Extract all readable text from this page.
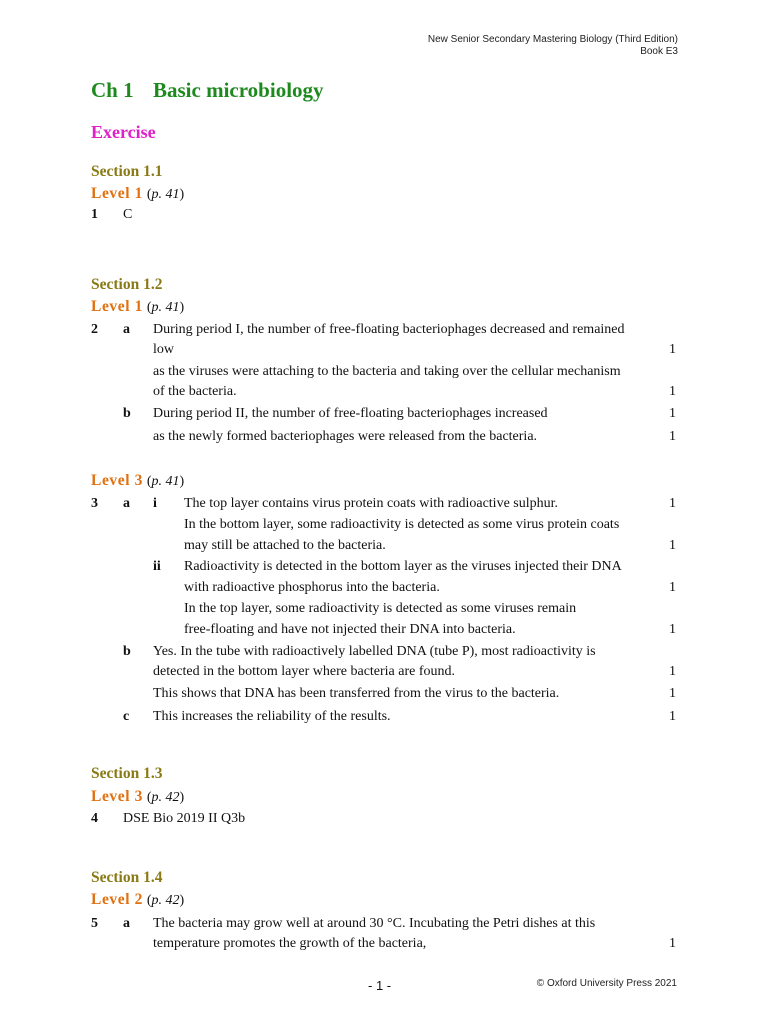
New Senior Secondary Mastering Biology (Third Edition)
Book E3
Ch 1 Basic microbiology
Exercise
Section 1.1
Level 1 (p. 41)
1 C
Section 1.2
Level 1 (p. 41)
2 a During period I, the number of free-floating bacteriophages decreased and remained
low	1
as the viruses were attaching to the bacteria and taking over the cellular mechanism
of the bacteria.	1
b During period II, the number of free-floating bacteriophages increased	1
as the newly formed bacteriophages were released from the bacteria.	1
Level 3 (p. 41)
3 a i The top layer contains virus protein coats with radioactive sulphur.	1
In the bottom layer, some radioactivity is detected as some virus protein coats
may still be attached to the bacteria.	1
ii Radioactivity is detected in the bottom layer as the viruses injected their DNA
with radioactive phosphorus into the bacteria.	1
In the top layer, some radioactivity is detected as some viruses remain
free-floating and have not injected their DNA into bacteria.	1
b Yes. In the tube with radioactively labelled DNA (tube P), most radioactivity is
detected in the bottom layer where bacteria are found.	1
This shows that DNA has been transferred from the virus to the bacteria.	1
c This increases the reliability of the results.	1
Section 1.3
Level 3 (p. 42)
4 DSE Bio 2019 II Q3b
Section 1.4
Level 2 (p. 42)
5 a The bacteria may grow well at around 30 °C. Incubating the Petri dishes at this
temperature promotes the growth of the bacteria,	1
- 1 -	© Oxford University Press 2021
